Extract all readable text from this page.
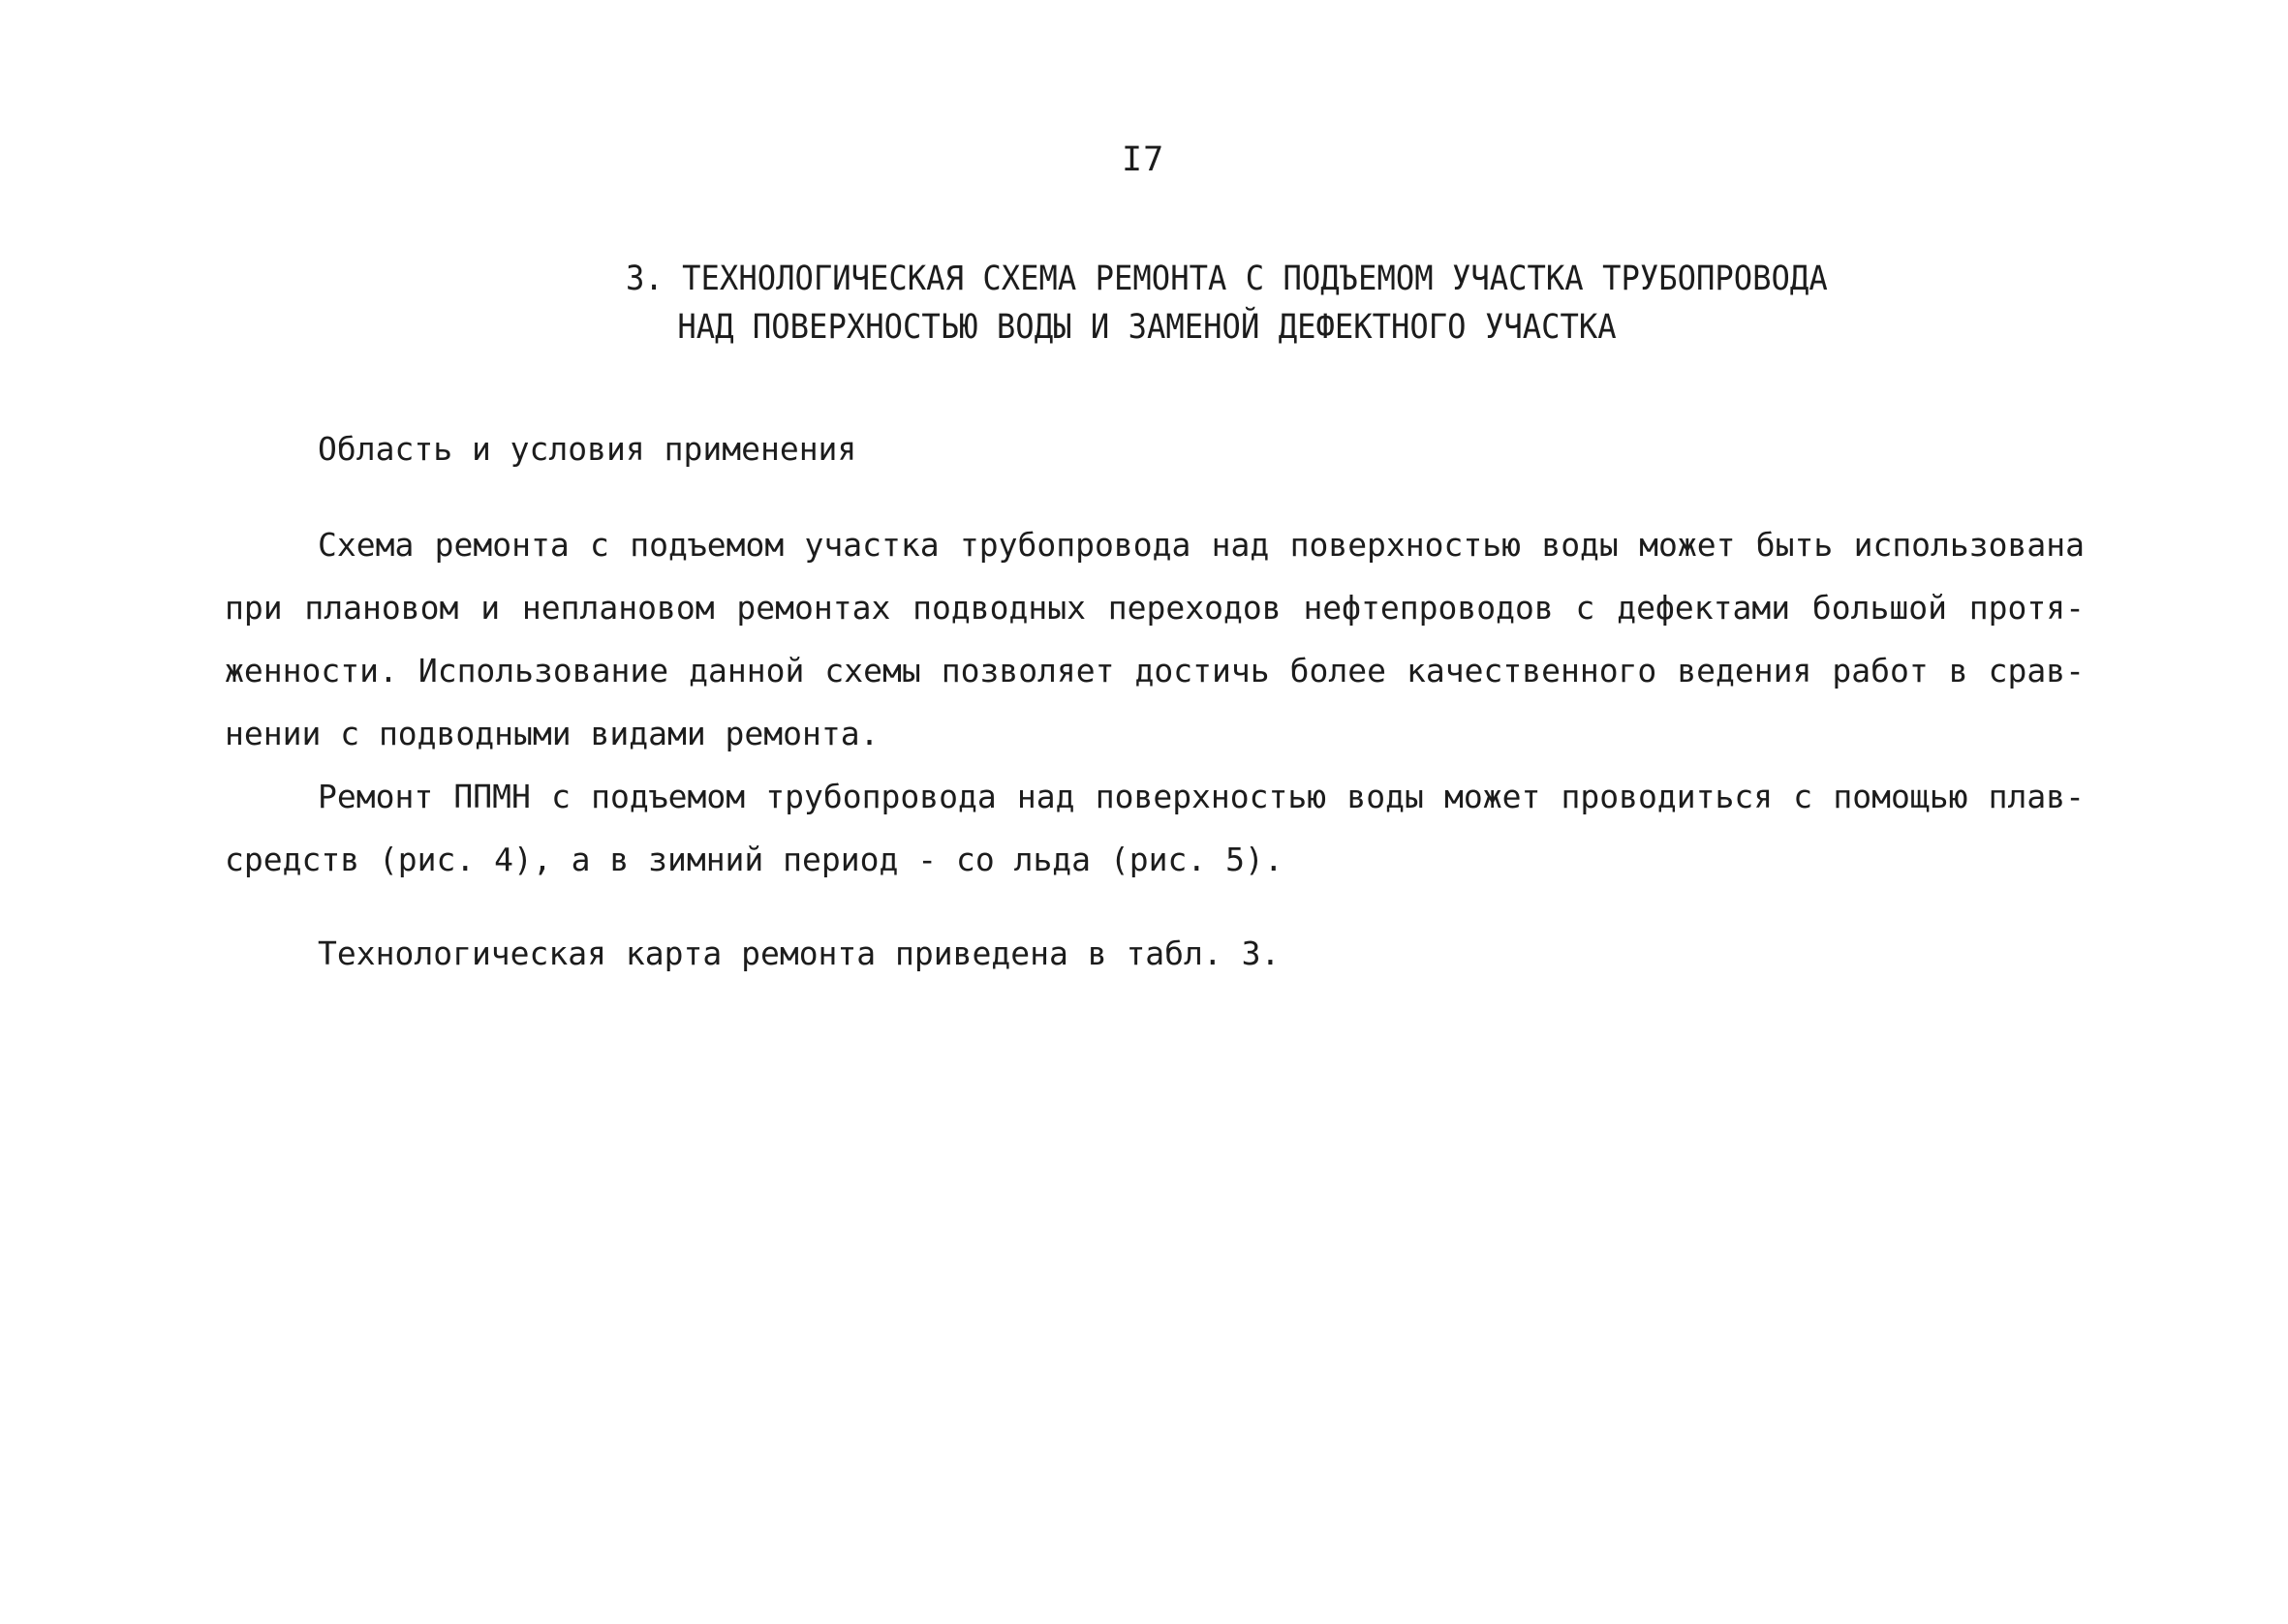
I7
3. ТЕХНОЛОГИЧЕСКАЯ СХЕМА РЕМОНТА С ПОДЪЕМОМ УЧАСТКА ТРУБОПРОВОДА
НАД ПОВЕРХНОСТЬЮ ВОДЫ И ЗАМЕНОЙ ДЕФЕКТНОГО УЧАСТКА
Область и условия применения

Схема ремонта с подъемом участка трубопровода над поверхностью воды может быть использована
при плановом и неплановом ремонтах подводных переходов нефтепроводов с дефектами большой протя-
женности. Использование данной схемы позволяет достичь более качественного ведения работ в срав-
нении с подводными видами ремонта.

Ремонт ППМН с подъемом трубопровода над поверхностью воды может проводиться с помощью плав-
средств (рис. 4), а в зимний период - со льда (рис. 5).

Технологическая карта ремонта приведена в табл. 3.
